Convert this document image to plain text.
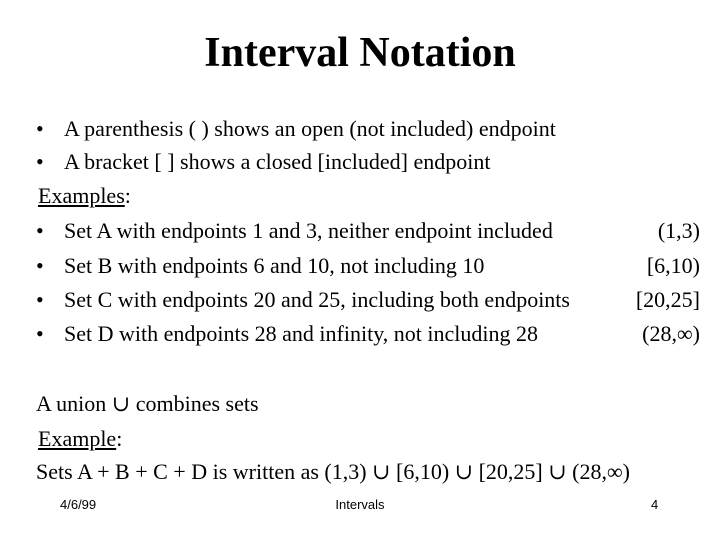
Interval Notation
• A parenthesis ( ) shows an open (not included) endpoint
• A bracket [ ] shows a closed [included] endpoint
Examples:
• Set A with endpoints 1 and 3, neither endpoint included	(1,3)
• Set B with endpoints 6 and 10, not including 10	[6,10)
• Set C with endpoints 20 and 25, including both endpoints	[20,25]
• Set D with endpoints 28 and infinity, not including 28	(28,∞)
A union ∪ combines sets
Example:
Sets A + B + C + D is written as (1,3) ∪ [6,10) ∪ [20,25] ∪ (28,∞)
4/6/99	Intervals	4
